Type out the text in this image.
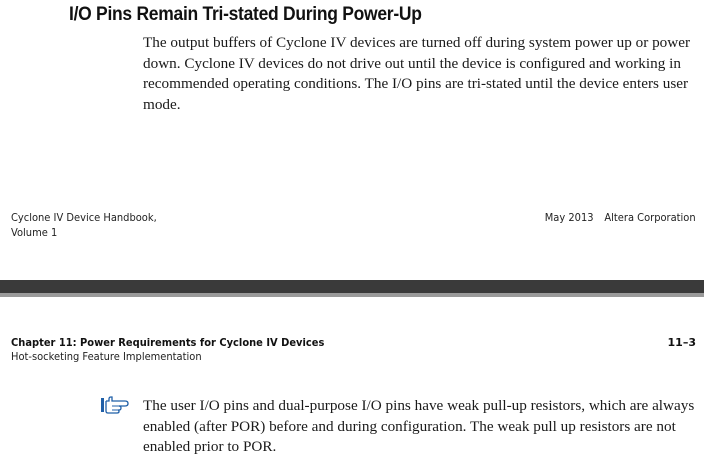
I/O Pins Remain Tri-stated During Power-Up
The output buffers of Cyclone IV devices are turned off during system power up or power down. Cyclone IV devices do not drive out until the device is configured and working in recommended operating conditions. The I/O pins are tri-stated until the device enters user mode.
Cyclone IV Device Handbook,
Volume 1
May 2013 Altera Corporation
Chapter 11: Power Requirements for Cyclone IV Devices
Hot-socketing Feature Implementation
11–3
The user I/O pins and dual-purpose I/O pins have weak pull-up resistors, which are always enabled (after POR) before and during configuration. The weak pull up resistors are not enabled prior to POR.
